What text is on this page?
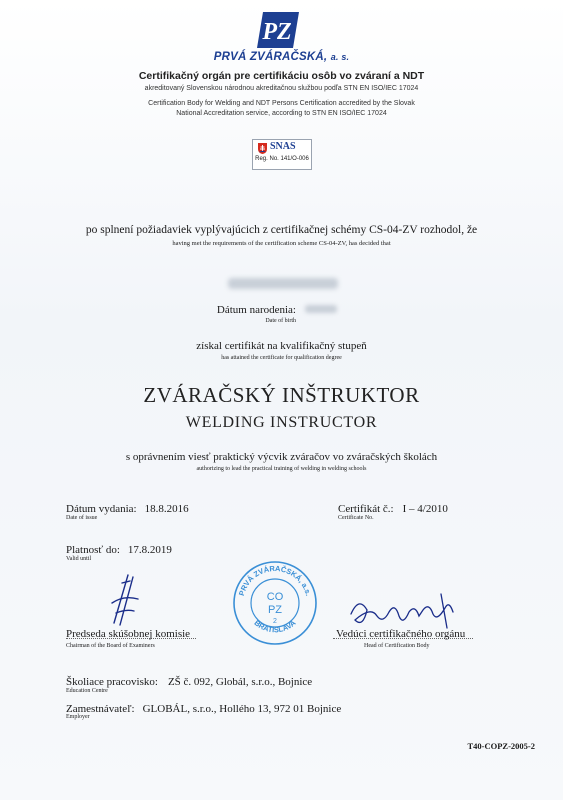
PZ
PRVÁ ZVÁRAČSKÁ, a. s.
Certifikačný orgán pre certifikáciu osôb vo zváraní a NDT
akreditovaný Slovenskou národnou akreditačnou službou podľa STN EN ISO/IEC 17024
Certification Body for Welding and NDT Persons Certification accredited by the Slovak
National Accreditation service, according to STN EN ISO/IEC 17024
SNAS
Reg. No. 141/O-006
po splnení požiadaviek vyplývajúcich z certifikačnej schémy CS-04-ZV rozhodol, že
having met the requirements of the certification scheme CS-04-ZV, has decided that
Dátum narodenia:
Date of birth
získal certifikát na kvalifikačný stupeň
has attained the certificate for qualification degree
ZVÁRAČSKÝ INŠTRUKTOR
WELDING INSTRUCTOR
s oprávnením viesť praktický výcvik zváračov vo zváračských školách
authorizing to lead the practical training of welding in welding schools
Dátum vydania: 18.8.2016
Date of issue
Certifikát č.: I – 4/2010
Certificate No.
Platnosť do: 17.8.2019
Valid until
PRVÁ ZVÁRAČSKÁ, a.s.
BRATISLAVA
CO
PZ
2
Predseda skúšobnej komisie
Chairman of the Board of Examiners
Vedúci certifikačného orgánu
Head of Certification Body
Školiace pracovisko: ZŠ č. 092, Globál, s.r.o., Bojnice
Education Centre
Zamestnávateľ: GLOBÁL, s.r.o., Hollého 13, 972 01 Bojnice
Employer
T40-COPZ-2005-2
